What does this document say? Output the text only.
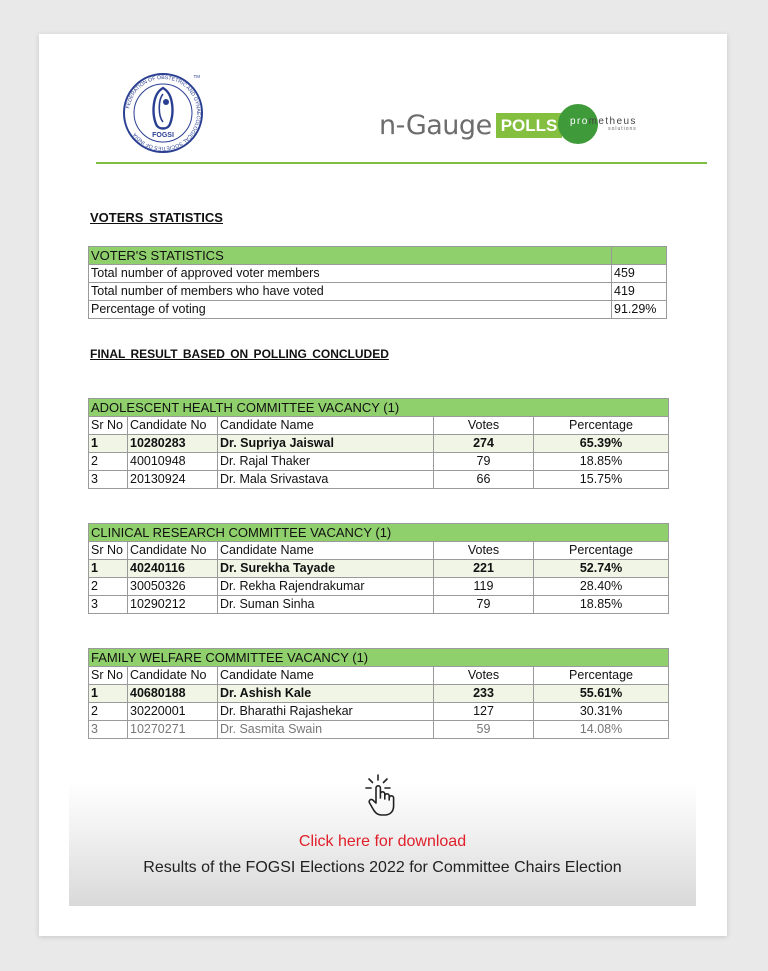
FEDERATION OF OBSTETRIC AND GYNAECOLOGICAL SOCIETIES OF INDIA	FOGSI
TM
n-Gauge POLLS	prometheus
solutions
VOTERS STATISTICS
VOTER'S STATISTICS	
Total number of approved voter members	459
Total number of members who have voted	419
Percentage of voting	91.29%
FINAL RESULT BASED ON POLLING CONCLUDED
ADOLESCENT HEALTH COMMITTEE VACANCY (1)				
Sr No	Candidate No	Candidate Name	Votes	Percentage
1	10280283	Dr. Supriya Jaiswal	274	65.39%
2	40010948	Dr. Rajal Thaker	79	18.85%
3	20130924	Dr. Mala Srivastava	66	15.75%
CLINICAL RESEARCH COMMITTEE VACANCY (1)				
Sr No	Candidate No	Candidate Name	Votes	Percentage
1	40240116	Dr. Surekha Tayade	221	52.74%
2	30050326	Dr. Rekha Rajendrakumar	119	28.40%
3	10290212	Dr. Suman Sinha	79	18.85%
FAMILY WELFARE COMMITTEE VACANCY (1)				
Sr No	Candidate No	Candidate Name	Votes	Percentage
1	40680188	Dr. Ashish Kale	233	55.61%
2	30220001	Dr. Bharathi Rajashekar	127	30.31%
3	10270271	Dr. Sasmita Swain	59	14.08%
Click here for download
Results of the FOGSI Elections 2022 for Committee Chairs Election
